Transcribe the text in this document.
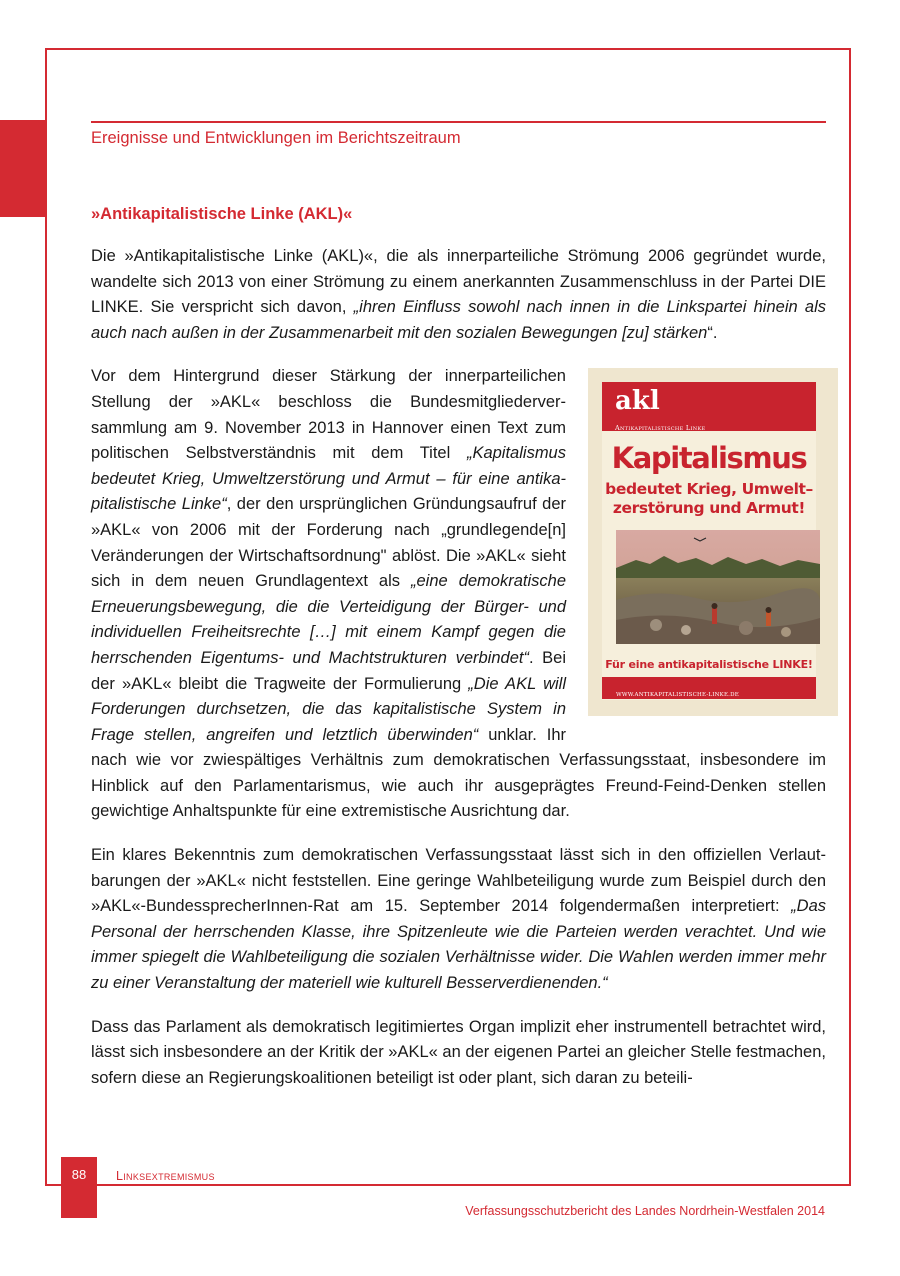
Ereignisse und Entwicklungen im Berichtszeitraum
»Antikapitalistische Linke (AKL)«

Die »Antikapitalistische Linke (AKL)«, die als innerparteiliche Strömung 2006 gegründet wurde, wandelte sich 2013 von einer Strömung zu einem anerkannten Zusammenschluss in der Partei DIE LINKE. Sie verspricht sich davon, „ihren Einfluss sowohl nach innen in die Linkspartei hinein als auch nach außen in der Zusammenarbeit mit den sozialen Bewegungen [zu] stärken“.

akl
Antikapitalistische Linke
Kapitalismus
bedeutet Krieg, Umwelt–
zerstörung und Armut!
Für eine antikapitalistische LINKE!
WWW.ANTIKAPITALISTISCHE-LINKE.DE

Vor dem Hintergrund dieser Stärkung der innerparteilichen Stellung der »AKL« beschloss die Bundesmitgliederversammlung am 9. November 2013 in Hannover einen Text zum politischen Selbstverständnis mit dem Titel „Kapitalismus bedeutet Krieg, Umweltzerstörung und Armut – für eine antikapitalistische Linke“, der den ursprünglichen Gründungsaufruf der »AKL« von 2006 mit der Forderung nach „grundlegende[n] Veränderungen der Wirtschaftsordnung" ablöst. Die »AKL« sieht sich in dem neuen Grundlagentext als „eine demokratische Erneuerungsbewegung, die die Verteidigung der Bürger- und individuellen Freiheitsrechte […] mit einem Kampf gegen die herrschenden Eigentums- und Machtstrukturen verbindet“. Bei der »AKL« bleibt die Tragweite der Formulierung „Die AKL will Forderungen durchsetzen, die das kapitalistische System in Frage stellen, angreifen und letztlich überwinden“ unklar. Ihr nach wie vor zwiespältiges Verhältnis zum demokratischen Verfassungsstaat, insbesondere im Hinblick auf den Parlamentarismus, wie auch ihr ausgeprägtes Freund-Feind-Denken stellen gewichtige Anhaltspunkte für eine extremistische Ausrichtung dar.

Ein klares Bekenntnis zum demokratischen Verfassungsstaat lässt sich in den offiziellen Verlautbarungen der »AKL« nicht feststellen. Eine geringe Wahlbeteiligung wurde zum Beispiel durch den »AKL«-BundessprecherInnen-Rat am 15. September 2014 folgendermaßen interpretiert: „Das Personal der herrschenden Klasse, ihre Spitzenleute wie die Parteien werden verachtet. Und wie immer spiegelt die Wahlbeteiligung die sozialen Verhältnisse wider. Die Wahlen werden immer mehr zu einer Veranstaltung der materiell wie kulturell Besserverdienenden.“

Dass das Parlament als demokratisch legitimiertes Organ implizit eher instrumentell betrachtet wird, lässt sich insbesondere an der Kritik der »AKL« an der eigenen Partei an gleicher Stelle festmachen, sofern diese an Regierungskoalitionen beteiligt ist oder plant, sich daran zu beteili-

88	Linksextremismus
Verfassungsschutzbericht des Landes Nordrhein-Westfalen 2014
